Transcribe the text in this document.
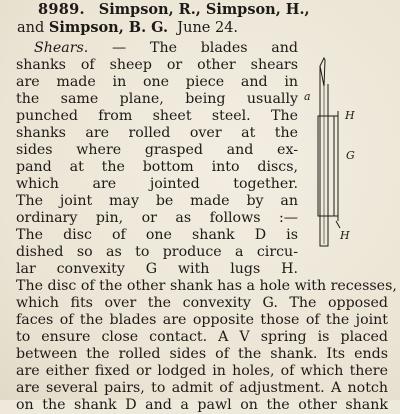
8989. Simpson, R., Simpson, H.,
and Simpson, B. G. June 24.
Shears. — The blades and
shanks of sheep or other shears
are made in one piece and in
the same plane, being usually
punched from sheet steel. The
shanks are rolled over at the
sides where grasped and ex-
pand at the bottom into discs,
which are jointed together.
The joint may be made by an
ordinary pin, or as follows :—
The disc of one shank D is
dished so as to produce a circu-
lar convexity G with lugs H.
The disc of the other shank has a hole with recesses,
which fits over the convexity G. The opposed
faces of the blades are opposite those of the joint
to ensure close contact. A V spring is placed
between the rolled sides of the shank. Its ends
are either fixed or lodged in holes, of which there
are several pairs, to admit of adjustment. A notch
on the shank D and a pawl on the other shank
a
H
G
H
